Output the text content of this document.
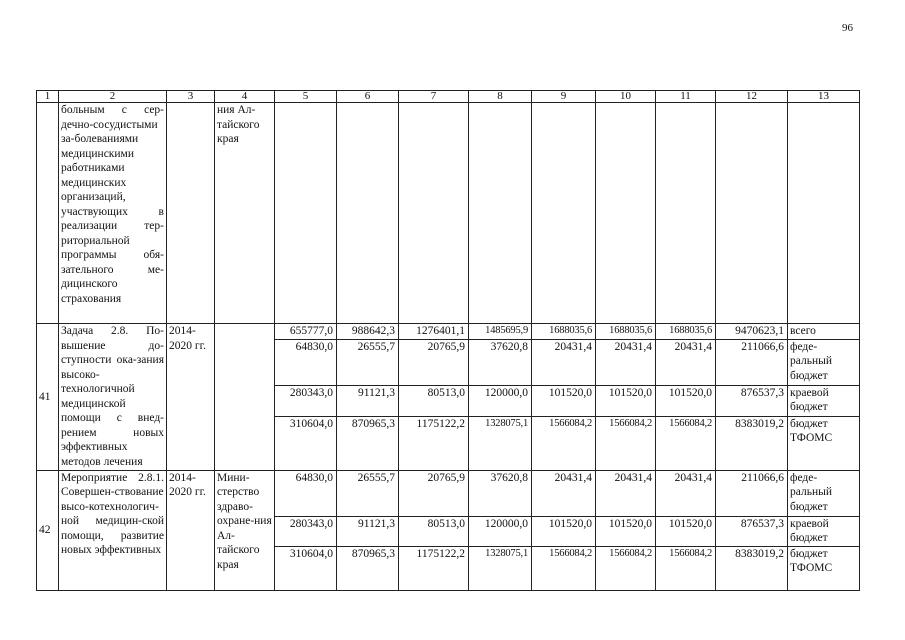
96
1	2	3	4	5	6	7	8	9	10	11	12	13
	больным с сер-дечно-сосудистыми за-болеваниями медицинскими работниками медицинских организаций, участвующих в реализации тер-риториальной программы обя-зательного ме-дицинского страхования		ния Ал-тайского края									
41	Задача 2.8. По-вышение до-ступности ока-зания высоко-технологичной медицинской помощи с внед-рением новых эффективных методов лечения	2014-2020 гг.		655777,0	988642,3	1276401,1	1485695,9	1688035,6	1688035,6	1688035,6	9470623,1	всего
				64830,0	26555,7	20765,9	37620,8	20431,4	20431,4	20431,4	211066,6	феде-ральный бюджет
				280343,0	91121,3	80513,0	120000,0	101520,0	101520,0	101520,0	876537,3	краевой бюджет
				310604,0	870965,3	1175122,2	1328075,1	1566084,2	1566084,2	1566084,2	8383019,2	бюджет ТФОМС
42	Мероприятие 2.8.1. Совершен-ствование высо-котехнологич-ной медицин-ской помощи, развитие новых эффективных	2014-2020 гг.	Мини-стерство здраво-охране-ния Ал-тайского края	64830,0	26555,7	20765,9	37620,8	20431,4	20431,4	20431,4	211066,6	феде-ральный бюджет
				280343,0	91121,3	80513,0	120000,0	101520,0	101520,0	101520,0	876537,3	краевой бюджет
				310604,0	870965,3	1175122,2	1328075,1	1566084,2	1566084,2	1566084,2	8383019,2	бюджет ТФОМС
